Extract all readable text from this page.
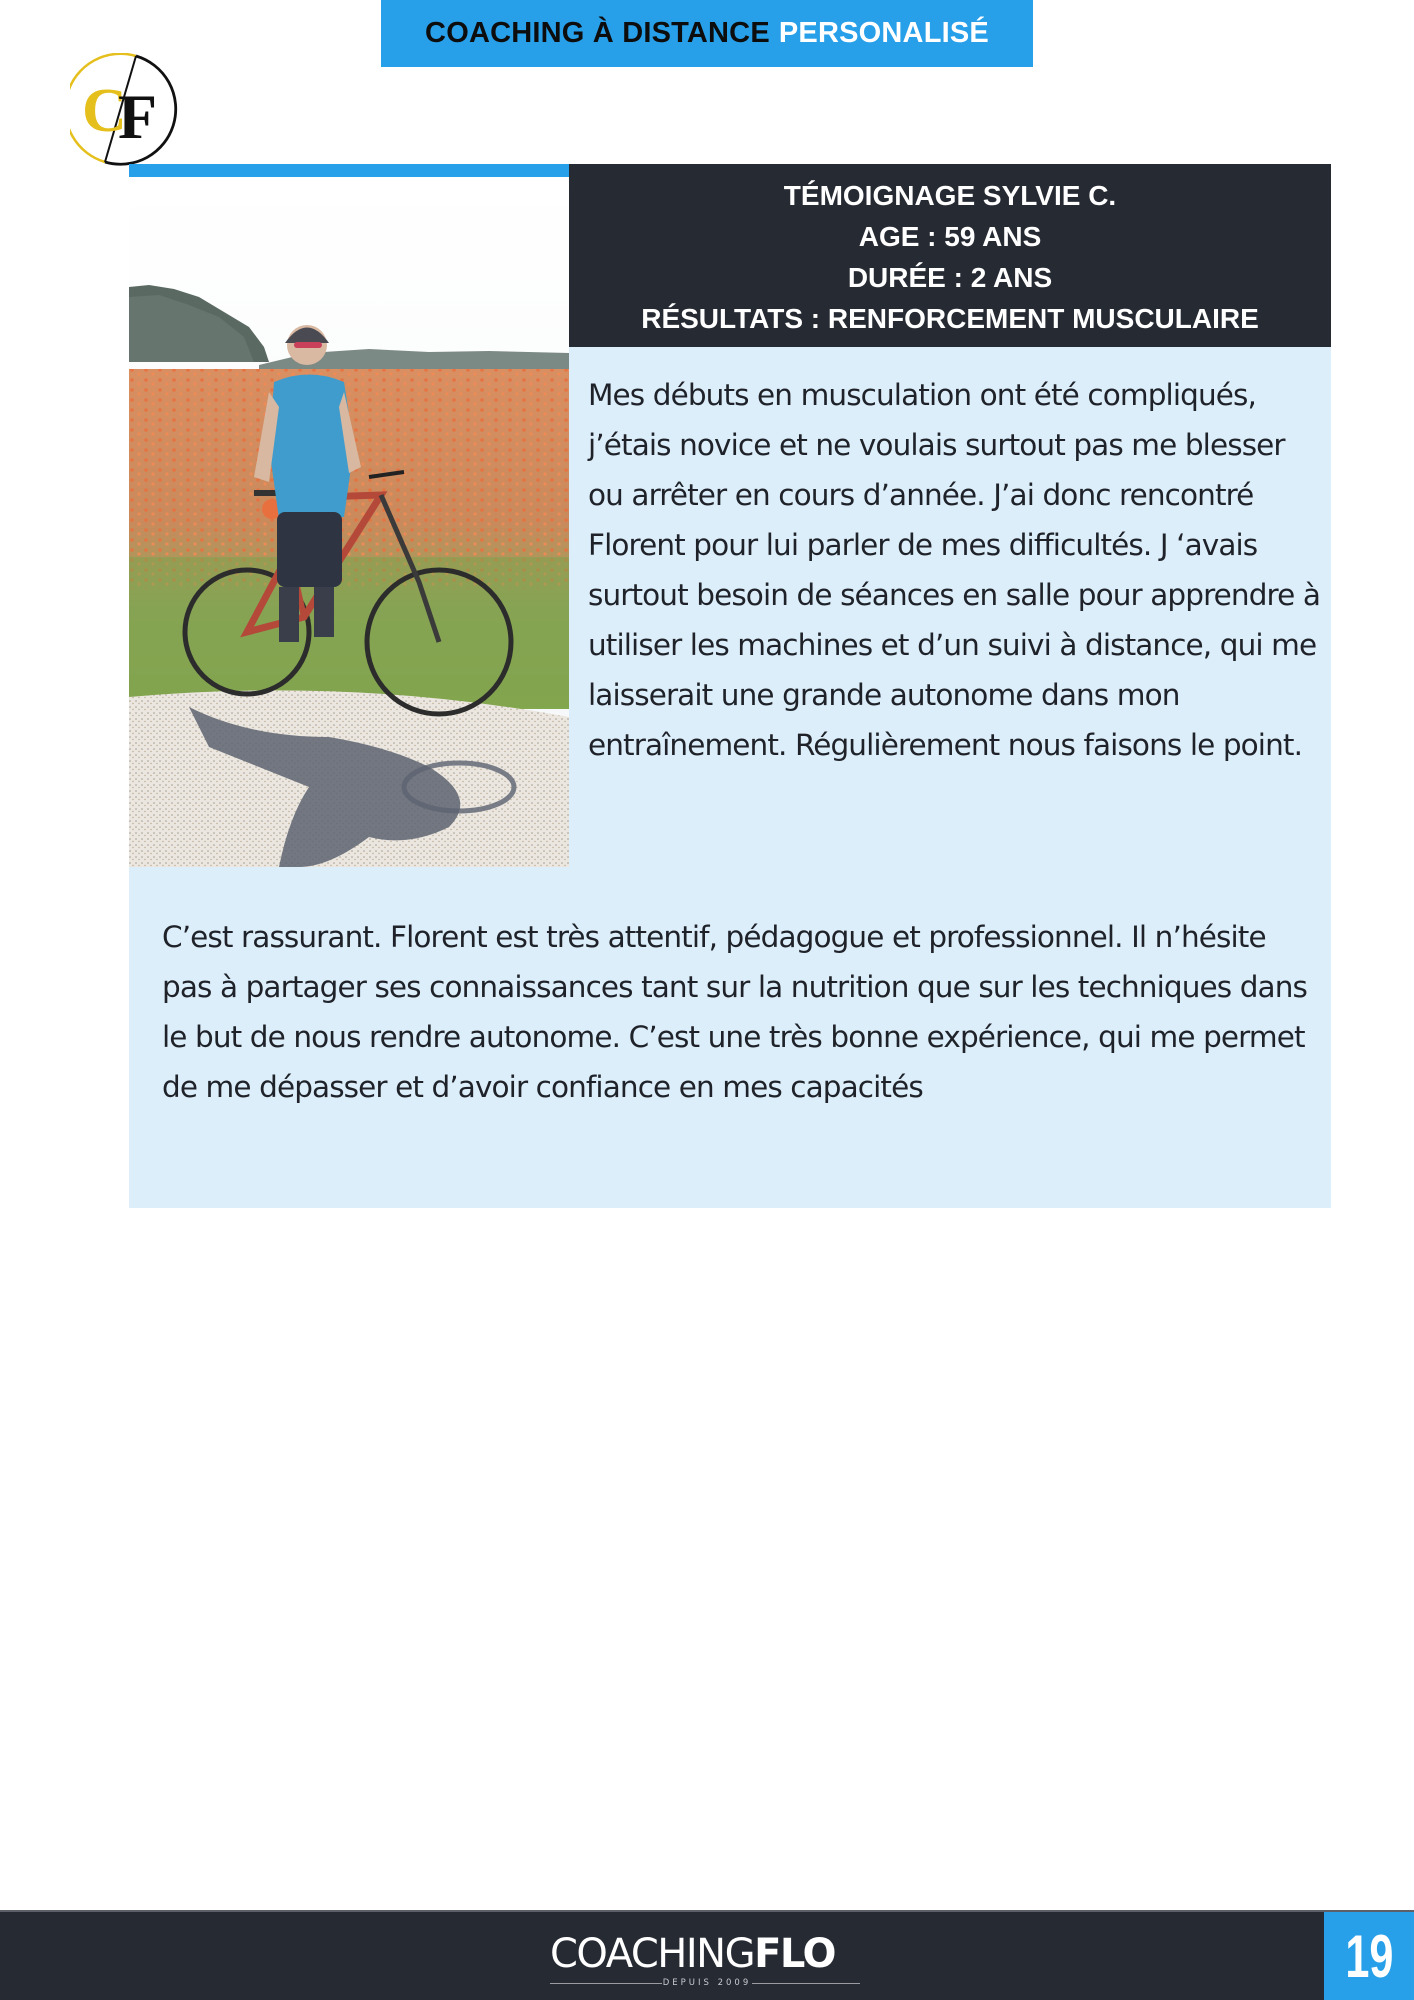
COACHING À DISTANCE PERSONALISÉ
C
F
TÉMOIGNAGE SYLVIE C.
AGE : 59 ANS
DURÉE : 2 ANS
RÉSULTATS : RENFORCEMENT MUSCULAIRE

Mes débuts en musculation ont été compliqués, j’étais novice et ne voulais surtout pas me blesser ou arrêter en cours d’année. J’ai donc rencontré Florent pour lui parler de mes difficultés. J ‘avais surtout besoin de séances en salle pour apprendre à utiliser les machines et d’un suivi à distance, qui me laisserait une grande autonome dans mon entraînement. Régulièrement nous faisons le point.

C’est rassurant. Florent est très attentif, pédagogue et professionnel. Il n’hésite pas à partager ses connaissances tant sur la nutrition que sur les techniques dans le but de nous rendre autonome. C’est une très bonne expérience, qui me permet de me dépasser et d’avoir confiance en mes capacités

COACHINGFLO
DEPUIS 2009	19
